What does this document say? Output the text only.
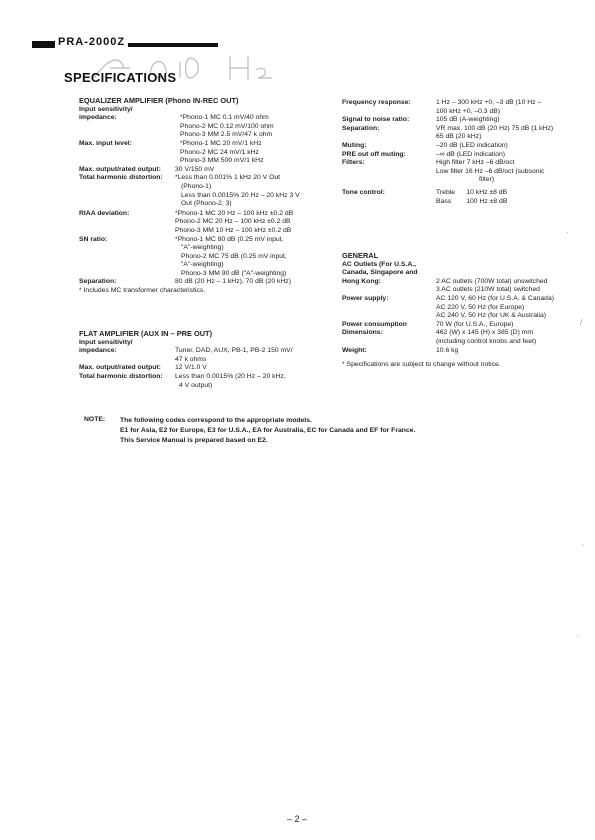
PRA-2000Z
SPECIFICATIONS
EQUALIZER AMPLIFIER (Phono IN-REC OUT)
Input sensitivity/
impedance:	*Phono-1 MC 0.1 mV/40 ohm
Phono-2 MC 0.12 mV/100 ohm
Phono-3 MM 2.5 mV/47 k ohm
Max. input level:	*Phono-1 MC 20 mV/1 kHz
Phono-2 MC 24 mV/1 kHz
Phono-3 MM 500 mV/1 kHz
Max. output/rated output: 30 V/150 mV
Total harmonic distortion: *Less than 0.001% 1 kHz 20 V Out
(Phono-1)
Less than 0.0015% 20 Hz – 20 kHz 3 V
Out (Phono-2, 3)
RIAA deviation:	*Phono-1 MC 20 Hz – 100 kHz ±0.2 dB
Phono-2 MC 20 Hz – 100 kHz ±0.2 dB
Phono-3 MM 10 Hz – 100 kHz ±0.2 dB
SN ratio:	*Phono-1 MC 80 dB (0.25 mV input,
"A"-weighting)
Phono-2 MC 75 dB (0.25 mV input,
"A"-weighting)
Phono-3 MM 90 dB ("A"-weighting)
Separation:	80 dB (20 Hz – 1 kHz), 70 dB (20 kHz)
* Includes MC transformer characteristics.
FLAT AMPLIFIER (AUX IN – PRE OUT)
Input sensitivity/
impedance:	Tuner, DAD, AUX, PB-1, PB-2 150 mV/
47 k ohms
Max. output/rated output: 12 V/1.0 V
Total harmonic distortion: Less than 0.0015% (20 Hz – 20 kHz,
4 V output)
Frequency response:	1 Hz – 300 kHz +0, –3 dB (10 Hz –
100 kHz +0, –0.3 dB)
Signal to noise ratio:	105 dB (A-weighting)
Separation:	VR max. 100 dB (20 Hz) 75 dB (1 kHz)
65 dB (20 kHz)
Muting:	–20 dB (LED indication)
PRE out off muting:	–∞ dB (LED indication)
Filters:	High filter 7 kHz –6 dB/oct
Low filter 16 Hz –6 dB/oct (subsonic
filter)
Tone control:	Treble      10 kHz ±8 dB
Bass        100 Hz ±8 dB
GENERAL
AC Outlets (For U.S.A.,
Canada, Singapore and
Hong Kong:	2 AC outlets (700W total) unswitched
3 AC outlets (210W total) switched
Power supply:	AC 120 V, 60 Hz (for U.S.A. & Canada)
AC 220 V, 50 Hz (for Europe)
AC 240 V, 50 Hz (for UK & Australia)
Power consumption	70 W (for U.S.A., Europe)
Dimensions:	462 (W) x 145 (H) x 385 (D) mm
(including control knobs and feet)
Weight:	10.6 kg
* Specifications are subject to change without notice.
NOTE: The following codes correspond to the appropriate models.
E1 for Asia, E2 for Europe, E3 for U.S.A., EA for Australia, EC for Canada and EF for France.
This Service Manual is prepared based on E2.
/
'
·
·
– 2 –
